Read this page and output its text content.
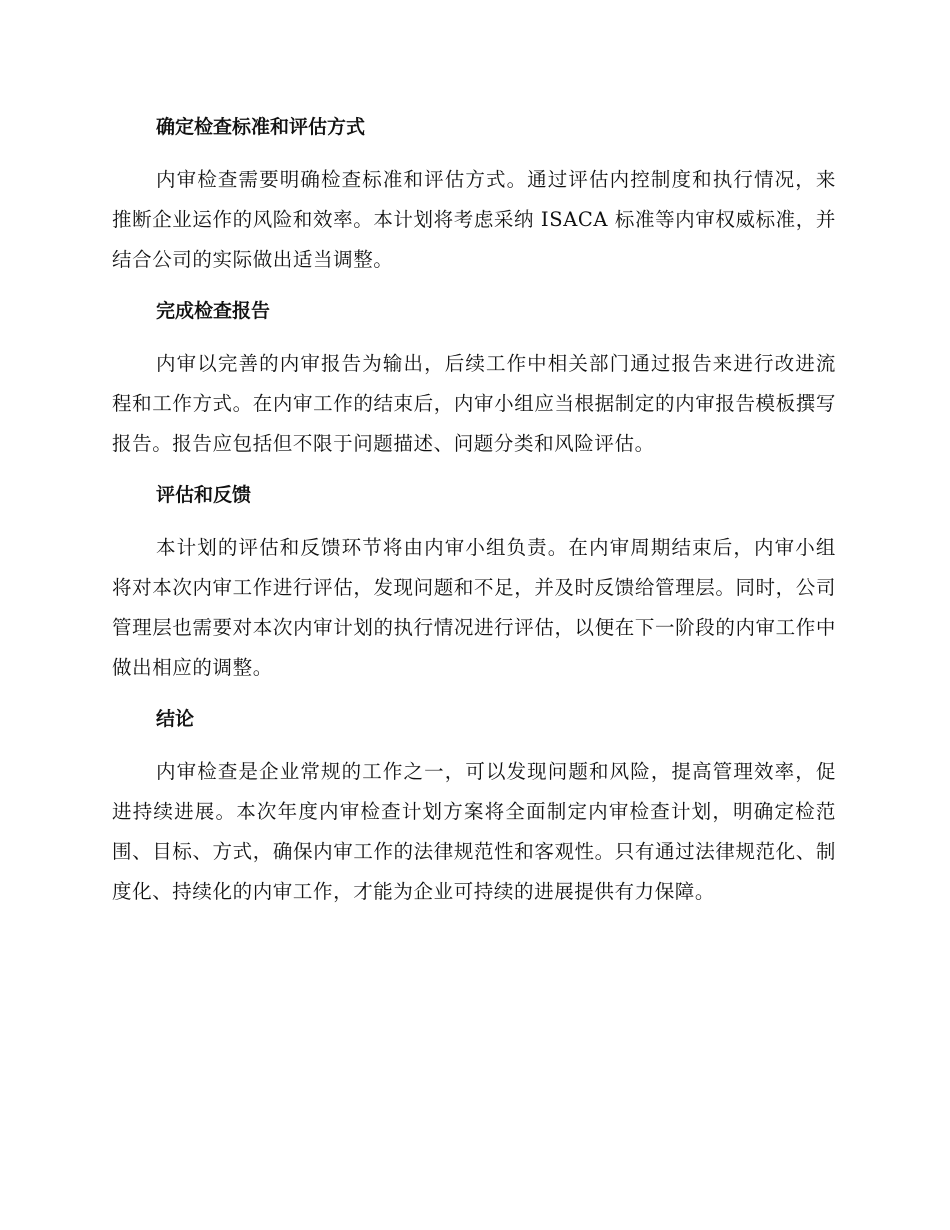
确定检查标准和评估方式

内审检查需要明确检查标准和评估方式。通过评估内控制度和执行情况，来推断企业运作的风险和效率。本计划将考虑采纳 ISACA 标准等内审权威标准，并结合公司的实际做出适当调整。

完成检查报告

内审以完善的内审报告为输出，后续工作中相关部门通过报告来进行改进流程和工作方式。在内审工作的结束后，内审小组应当根据制定的内审报告模板撰写报告。报告应包括但不限于问题描述、问题分类和风险评估。

评估和反馈

本计划的评估和反馈环节将由内审小组负责。在内审周期结束后，内审小组将对本次内审工作进行评估，发现问题和不足，并及时反馈给管理层。同时，公司管理层也需要对本次内审计划的执行情况进行评估，以便在下一阶段的内审工作中做出相应的调整。

结论

内审检查是企业常规的工作之一，可以发现问题和风险，提高管理效率，促进持续进展。本次年度内审检查计划方案将全面制定内审检查计划，明确定检范围、目标、方式，确保内审工作的法律规范性和客观性。只有通过法律规范化、制度化、持续化的内审工作，才能为企业可持续的进展提供有力保障。
